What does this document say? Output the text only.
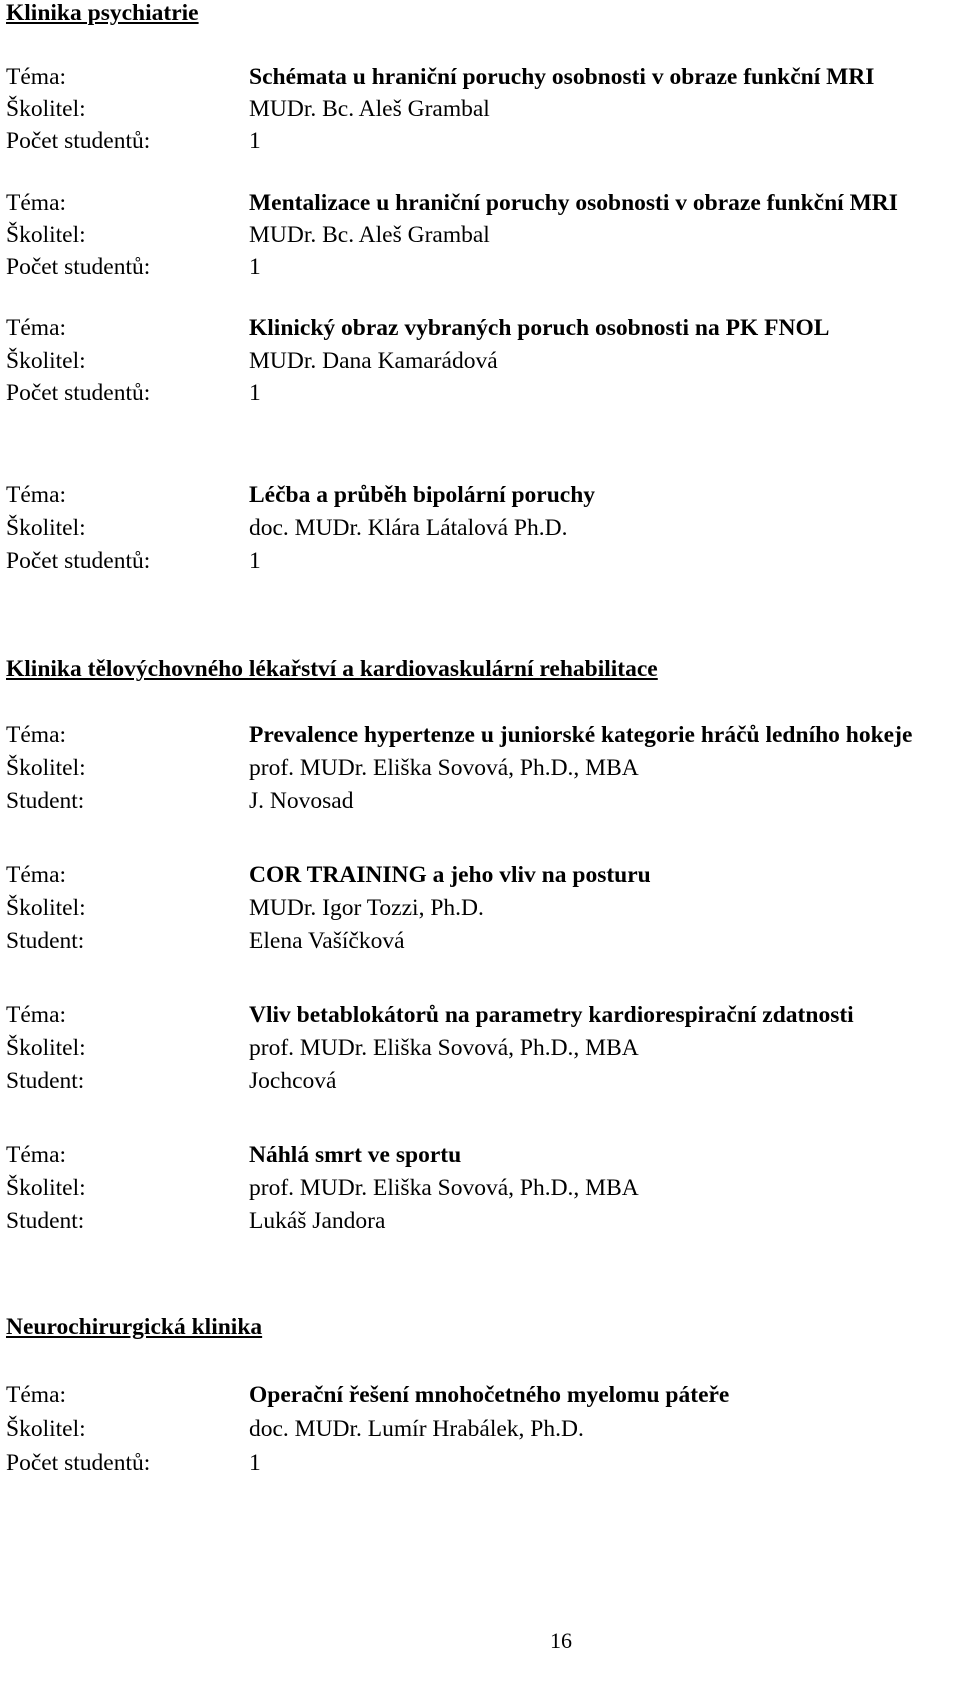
Klinika psychiatrie
Téma:	Schémata u hraniční poruchy osobnosti v obraze funkční MRI
Školitel:	MUDr. Bc. Aleš Grambal
Počet studentů:	1
Téma:	Mentalizace u hraniční poruchy osobnosti v obraze funkční MRI
Školitel:	MUDr. Bc. Aleš Grambal
Počet studentů:	1
Téma:	Klinický obraz vybraných poruch osobnosti na PK FNOL
Školitel:	MUDr. Dana Kamarádová
Počet studentů:	1
Téma:	Léčba a průběh bipolární poruchy
Školitel:	doc. MUDr. Klára Látalová Ph.D.
Počet studentů:	1
Klinika tělovýchovného lékařství a kardiovaskulární rehabilitace
Téma:	Prevalence hypertenze u juniorské kategorie hráčů ledního hokeje
Školitel:	prof. MUDr. Eliška Sovová, Ph.D., MBA
Student:	J. Novosad
Téma:	COR TRAINING a jeho vliv na posturu
Školitel:	MUDr. Igor Tozzi, Ph.D.
Student:	Elena Vašíčková
Téma:	Vliv betablokátorů na parametry kardiorespirační zdatnosti
Školitel:	prof. MUDr. Eliška Sovová, Ph.D., MBA
Student:	Jochcová
Téma:	Náhlá smrt ve sportu
Školitel:	prof. MUDr. Eliška Sovová, Ph.D., MBA
Student:	Lukáš Jandora
Neurochirurgická klinika
Téma:	Operační řešení mnohočetného myelomu páteře
Školitel:	doc. MUDr. Lumír Hrabálek, Ph.D.
Počet studentů:	1
16
